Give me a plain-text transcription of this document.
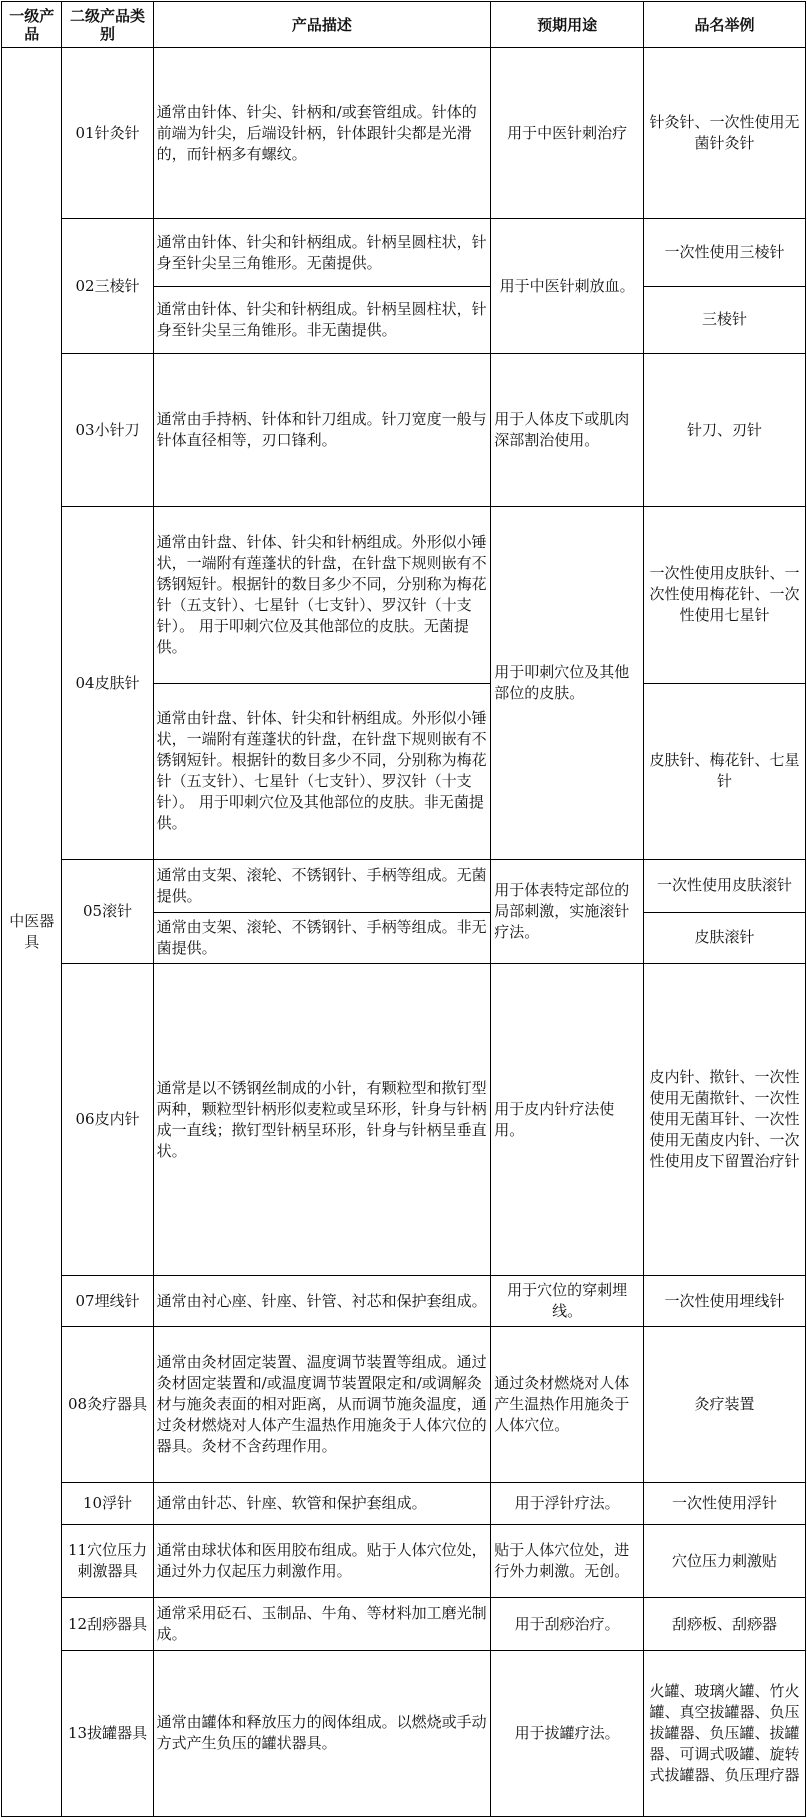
一级产品	二级产品类别	产品描述	预期用途	品名举例
中医器具	01针灸针	通常由针体、针尖、针柄和/或套管组成。针体的前端为针尖，后端设针柄，针体跟针尖都是光滑的，而针柄多有螺纹。	用于中医针刺治疗	针灸针、一次性使用无菌针灸针
	02三棱针	通常由针体、针尖和针柄组成。针柄呈圆柱状，针身至针尖呈三角锥形。无菌提供。	用于中医针刺放血。	一次性使用三棱针
		通常由针体、针尖和针柄组成。针柄呈圆柱状，针身至针尖呈三角锥形。非无菌提供。		三棱针
	03小针刀	通常由手持柄、针体和针刀组成。针刀宽度一般与针体直径相等，刃口锋利。	用于人体皮下或肌肉深部割治使用。	针刀、刃针
	04皮肤针	通常由针盘、针体、针尖和针柄组成。外形似小锤状，一端附有莲蓬状的针盘，在针盘下规则嵌有不锈钢短针。根据针的数目多少不同，分别称为梅花针（五支针）、七星针（七支针）、罗汉针（十支针）。 用于叩刺穴位及其他部位的皮肤。无菌提供。	用于叩刺穴位及其他部位的皮肤。	一次性使用皮肤针、一次性使用梅花针、一次性使用七星针
		通常由针盘、针体、针尖和针柄组成。外形似小锤状，一端附有莲蓬状的针盘，在针盘下规则嵌有不锈钢短针。根据针的数目多少不同，分别称为梅花针（五支针）、七星针（七支针）、罗汉针（十支针）。 用于叩刺穴位及其他部位的皮肤。非无菌提供。		皮肤针、梅花针、七星针
	05滚针	通常由支架、滚轮、不锈钢针、手柄等组成。无菌提供。	用于体表特定部位的局部刺激，实施滚针疗法。	一次性使用皮肤滚针
		通常由支架、滚轮、不锈钢针、手柄等组成。非无菌提供。		皮肤滚针
	06皮内针	通常是以不锈钢丝制成的小针，有颗粒型和揿钉型两种，颗粒型针柄形似麦粒或呈环形，针身与针柄成一直线；揿钉型针柄呈环形，针身与针柄呈垂直状。	用于皮内针疗法使用。	皮内针、揿针、一次性使用无菌揿针、一次性使用无菌耳针、一次性使用无菌皮内针、一次性使用皮下留置治疗针
	07埋线针	通常由衬心座、针座、针管、衬芯和保护套组成。	用于穴位的穿刺埋线。	一次性使用埋线针
	08灸疗器具	通常由灸材固定装置、温度调节装置等组成。通过灸材固定装置和/或温度调节装置限定和/或调解灸材与施灸表面的相对距离，从而调节施灸温度，通过灸材燃烧对人体产生温热作用施灸于人体穴位的器具。灸材不含药理作用。	通过灸材燃烧对人体产生温热作用施灸于人体穴位。	灸疗装置
	10浮针	通常由针芯、针座、软管和保护套组成。	用于浮针疗法。	一次性使用浮针
	11穴位压力刺激器具	通常由球状体和医用胶布组成。贴于人体穴位处，通过外力仅起压力刺激作用。	贴于人体穴位处，进行外力刺激。无创。	穴位压力刺激贴
	12刮痧器具	通常采用砭石、玉制品、牛角、等材料加工磨光制成。	用于刮痧治疗。	刮痧板、刮痧器
	13拔罐器具	通常由罐体和释放压力的阀体组成。以燃烧或手动方式产生负压的罐状器具。	用于拔罐疗法。	火罐、玻璃火罐、竹火罐、真空拔罐器、负压拔罐器、负压罐、拔罐器、可调式吸罐、旋转式拔罐器、负压理疗器
